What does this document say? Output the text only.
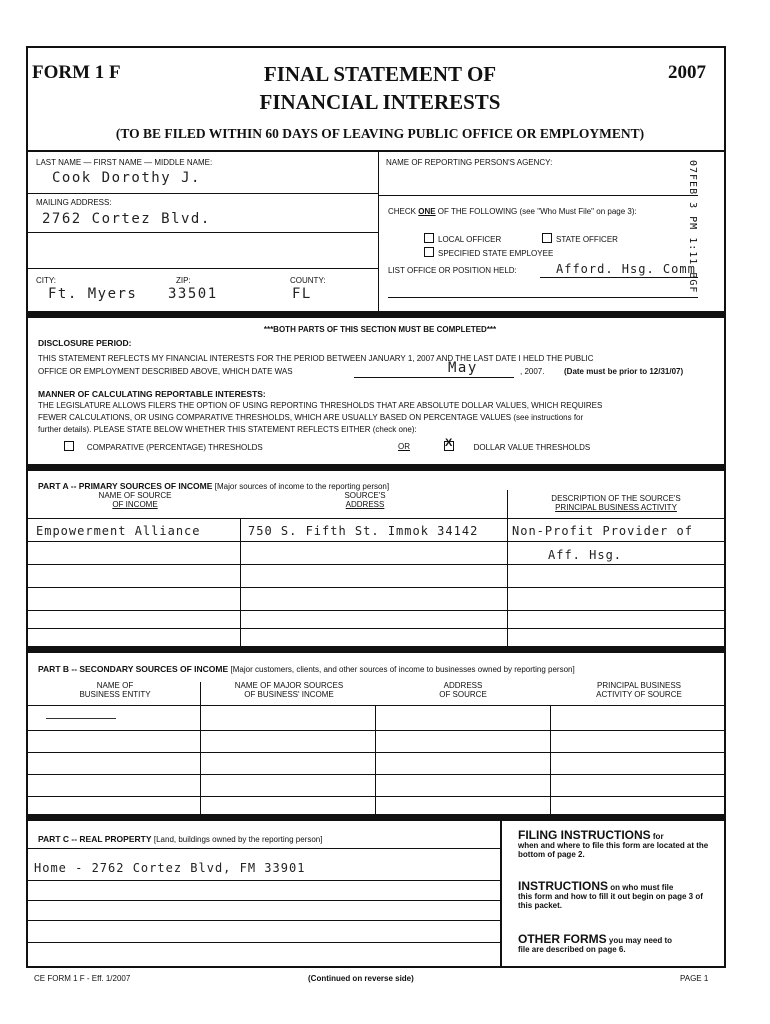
FORM 1 F	FINAL STATEMENT OF
FINANCIAL INTERESTS
2007
(TO BE FILED WITHIN 60 DAYS OF LEAVING PUBLIC OFFICE OR EMPLOYMENT)
LAST NAME — FIRST NAME — MIDDLE NAME:
Cook Dorothy J.
MAILING ADDRESS:
2762 Cortez Blvd.
CITY:	ZIP:	COUNTY:
Ft. Myers 33501	FL
NAME OF REPORTING PERSON'S AGENCY:
CHECK ONE OF THE FOLLOWING (see "Who Must File" on page 3):
LOCAL OFFICER	STATE OFFICER
SPECIFIED STATE EMPLOYEE
LIST OFFICE OR POSITION HELD:	Afford. Hsg. Comm
07FEB 3 PM 1:11 BGF
***BOTH PARTS OF THIS SECTION MUST BE COMPLETED***
DISCLOSURE PERIOD:
THIS STATEMENT REFLECTS MY FINANCIAL INTERESTS FOR THE PERIOD BETWEEN JANUARY 1, 2007 AND THE LAST DATE I HELD THE PUBLIC
OFFICE OR EMPLOYMENT DESCRIBED ABOVE, WHICH DATE WAS	May	, 2007. (Date must be prior to 12/31/07)
MANNER OF CALCULATING REPORTABLE INTERESTS:
THE LEGISLATURE ALLOWS FILERS THE OPTION OF USING REPORTING THRESHOLDS THAT ARE ABSOLUTE DOLLAR VALUES, WHICH REQUIRES
FEWER CALCULATIONS, OR USING COMPARATIVE THRESHOLDS, WHICH ARE USUALLY BASED ON PERCENTAGE VALUES (see instructions for
further details). PLEASE STATE BELOW WHETHER THIS STATEMENT REFLECTS EITHER (check one):
COMPARATIVE (PERCENTAGE) THRESHOLDS	OR
X	DOLLAR VALUE THRESHOLDS
PART A -- PRIMARY SOURCES OF INCOME [Major sources of income to the reporting person]
NAME OF SOURCE
OF INCOME
SOURCE'S
ADDRESS
DESCRIPTION OF THE SOURCE'S
PRINCIPAL BUSINESS ACTIVITY
Empowerment Alliance	750 S. Fifth St. Immok 34142	Non-Profit Provider of
Aff. Hsg.
PART B -- SECONDARY SOURCES OF INCOME [Major customers, clients, and other sources of income to businesses owned by reporting person]
NAME OF
BUSINESS ENTITY
NAME OF MAJOR SOURCES
OF BUSINESS' INCOME
ADDRESS
OF SOURCE
PRINCIPAL BUSINESS
ACTIVITY OF SOURCE
PART C -- REAL PROPERTY [Land, buildings owned by the reporting person]
Home - 2762 Cortez Blvd, FM 33901
FILING INSTRUCTIONS for
when and where to file this form are located at the bottom of page 2.
INSTRUCTIONS on who must file
this form and how to fill it out begin on page 3 of this packet.
OTHER FORMS you may need to
file are described on page 6.
CE FORM 1 F - Eff. 1/2007	(Continued on reverse side)	PAGE 1
